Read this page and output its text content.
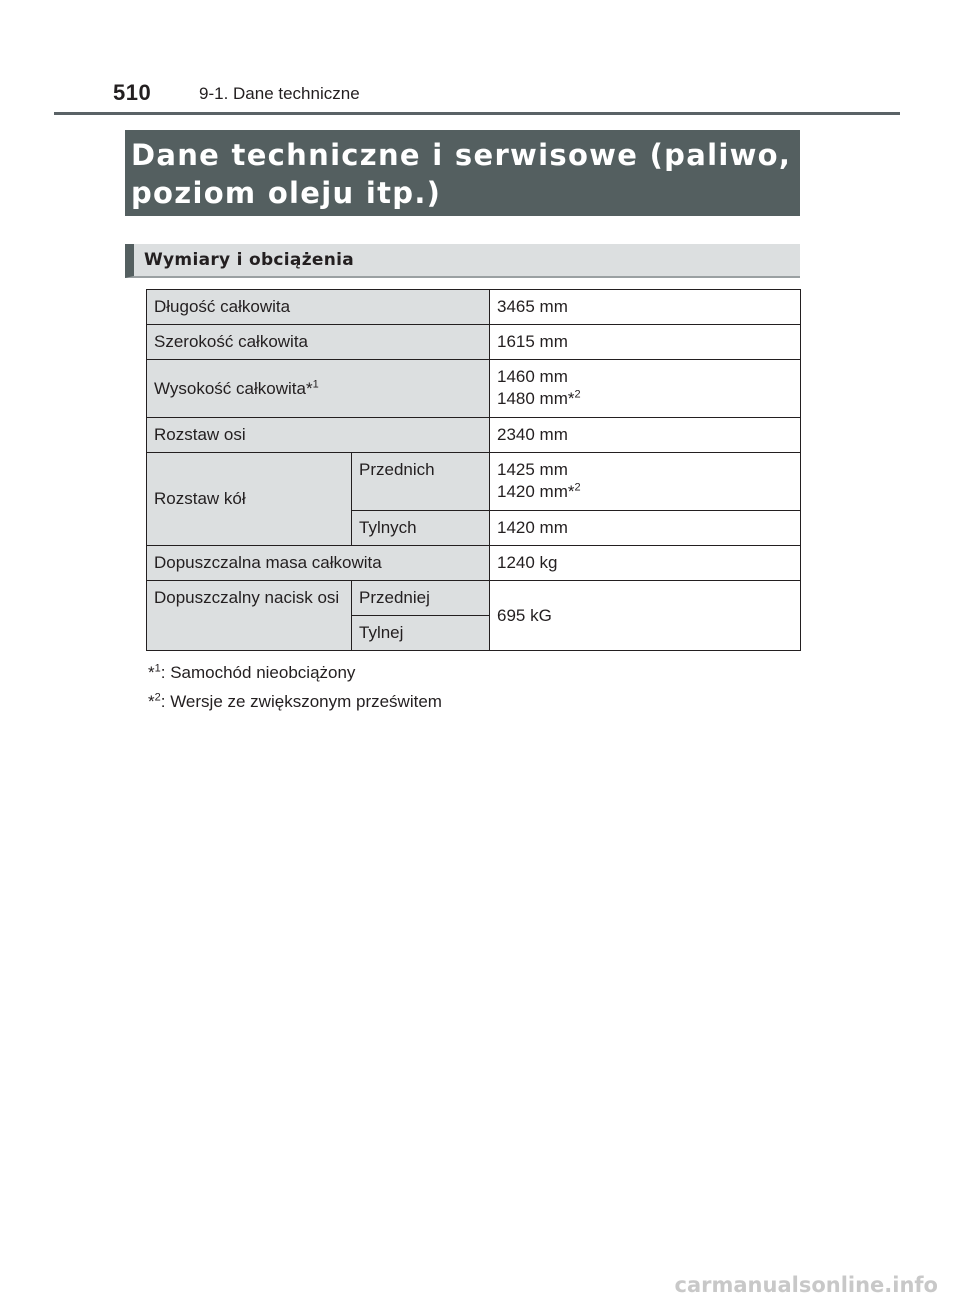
510	9-1. Dane techniczne
Dane techniczne i serwisowe (paliwo,
poziom oleju itp.)
Wymiary i obciążenia
Długość całkowita		3465 mm
Szerokość całkowita		1615 mm
Wysokość całkowita*$^1$		1460 mm
1480 mm*$^2$
Rozstaw osi		2340 mm
Rozstaw kół	Przednich	1425 mm
1420 mm*$^2$
	Tylnych	1420 mm
Dopuszczalna masa całkowita		1240 kg
Dopuszczalny nacisk osi	Przedniej	695 kG
	Tylnej	
*$^1$: Samochód nieobciążony
*$^2$: Wersje ze zwiększonym prześwitem
carmanualsonline.info
